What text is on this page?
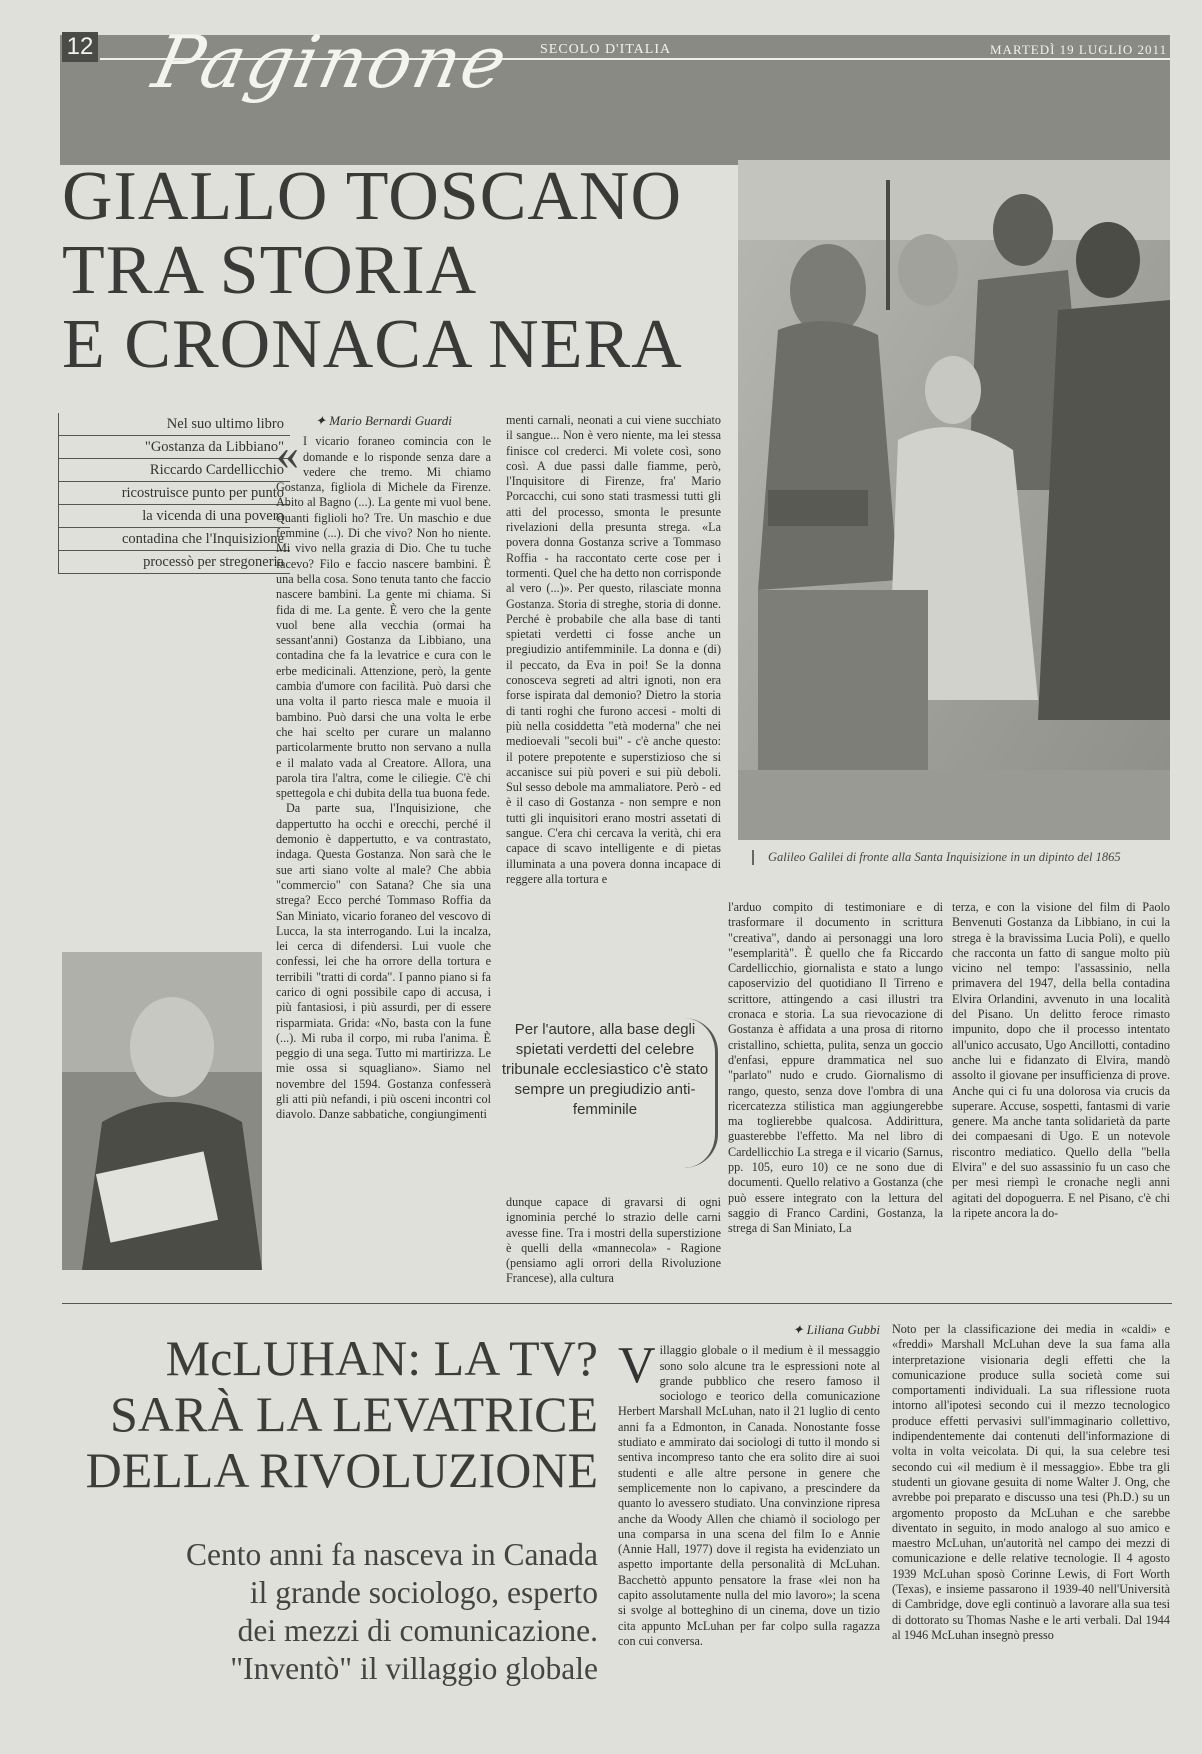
12 Paginone SECOLO D'ITALIA	MARTEDÌ 19 LUGLIO 2011
GIALLO TOSCANO
TRA STORIA
E CRONACA NERA
Nel suo ultimo libro
"Gostanza da Libbiano"
Riccardo Cardellicchio
ricostruisce punto per punto
la vicenda di una povera
contadina che l'Inquisizione
processò per stregoneria
✦ Mario Bernardi Guardi
« I vicario foraneo comincia con le domande e lo risponde senza dare a vedere che tremo. Mi chiamo Gostanza, figliola di Michele da Firenze. Abito al Bagno (...). La gente mi vuol bene. Quanti figlioli ho? Tre. Un maschio e due femmine (...). Di che vivo? Non ho niente. Mi vivo nella grazia di Dio. Che tu tuche facevo? Filo e faccio nascere bambini. È una bella cosa. Sono tenuta tanto che faccio nascere bambini. La gente mi chiama. Si fida di me. La gente. È vero che la gente vuol bene alla vecchia (ormai ha sessant'anni) Gostanza da Libbiano, una contadina che fa la levatrice e cura con le erbe medicinali. Attenzione, però, la gente cambia d'umore con facilità. Può darsi che una volta il parto riesca male e muoia il bambino. Può darsi che una volta le erbe che hai scelto per curare un malanno particolarmente brutto non servano a nulla e il malato vada al Creatore. Allora, una parola tira l'altra, come le ciliegie. C'è chi spettegola e chi dubita della tua buona fede.

Da parte sua, l'Inquisizione, che dappertutto ha occhi e orecchi, perché il demonio è dappertutto, e va contrastato, indaga. Questa Gostanza. Non sarà che le sue arti siano volte al male? Che abbia "commercio" con Satana? Che sia una strega? Ecco perché Tommaso Roffia da San Miniato, vicario foraneo del vescovo di Lucca, la sta interrogando. Lui la incalza, lei cerca di difendersi. Lui vuole che confessi, lei che ha orrore della tortura e terribili "tratti di corda". I panno piano si fa carico di ogni possibile capo di accusa, i più fantasiosi, i più assurdi, per di essere risparmiata. Grida: «No, basta con la fune (...). Mi ruba il corpo, mi ruba l'anima. È peggio di una sega. Tutto mi martirizza. Le mie ossa si squagliano». Siamo nel novembre del 1594. Gostanza confesserà gli atti più nefandi, i più osceni incontri col diavolo. Danze sabbatiche, congiungimenti

menti carnali, neonati a cui viene succhiato il sangue... Non è vero niente, ma lei stessa finisce col crederci. Mi volete così, sono così. A due passi dalle fiamme, però, l'Inquisitore di Firenze, fra' Mario Porcacchi, cui sono stati trasmessi tutti gli atti del processo, smonta le presunte rivelazioni della presunta strega. «La povera donna Gostanza scrive a Tommaso Roffia - ha raccontato certe cose per i tormenti. Quel che ha detto non corrisponde al vero (...)». Per questo, rilasciate monna Gostanza. Storia di streghe, storia di donne. Perché è probabile che alla base di tanti spietati verdetti ci fosse anche un pregiudizio antifemminile. La donna e (di) il peccato, da Eva in poi! Se la donna conosceva segreti ad altri ignoti, non era forse ispirata dal demonio? Dietro la storia di tanti roghi che furono accesi - molti di più nella cosiddetta "età moderna" che nei medioevali "secoli bui" - c'è anche questo: il potere prepotente e superstizioso che si accanisce sui più poveri e sui più deboli. Sul sesso debole ma ammaliatore. Però - ed è il caso di Gostanza - non sempre e non tutti gli inquisitori erano mostri assetati di sangue. C'era chi cercava la verità, chi era capace di scavo intelligente e di pietas illuminata a una povera donna incapace di reggere alla tortura e

Per l'autore, alla base degli spietati verdetti del celebre tribunale ecclesiastico c'è stato sempre un pregiudizio anti-femminile

dunque capace di gravarsi di ogni ignominia perché lo strazio delle carni avesse fine. Tra i mostri della superstizione è quelli della «mannecola» - Ragione (pensiamo agli orrori della Rivoluzione Francese), alla cultura

Galileo Galilei di fronte alla Santa Inquisizione in un dipinto del 1865

l'arduo compito di testimoniare e di trasformare il documento in scrittura "creativa", dando ai personaggi una loro "esemplarità". È quello che fa Riccardo Cardellicchio, giornalista e stato a lungo caposervizio del quotidiano Il Tirreno e scrittore, attingendo a casi illustri tra cronaca e storia. La sua rievocazione di Gostanza è affidata a una prosa di ritorno cristallino, schietta, pulita, senza un goccio d'enfasi, eppure drammatica nel suo "parlato" nudo e crudo. Giornalismo di rango, questo, senza dove l'ombra di una ricercatezza stilistica man aggiungerebbe ma toglierebbe qualcosa. Addirittura, guasterebbe l'effetto. Ma nel libro di Cardellicchio La strega e il vicario (Sarnus, pp. 105, euro 10) ce ne sono due di documenti. Quello relativo a Gostanza (che può essere integrato con la lettura del saggio di Franco Cardini, Gostanza, la strega di San Miniato, La

terza, e con la visione del film di Paolo Benvenuti Gostanza da Libbiano, in cui la strega è la bravissima Lucia Poli), e quello che racconta un fatto di sangue molto più vicino nel tempo: l'assassinio, nella primavera del 1947, della bella contadina Elvira Orlandini, avvenuto in una località del Pisano. Un delitto feroce rimasto impunito, dopo che il processo intentato all'unico accusato, Ugo Ancillotti, contadino anche lui e fidanzato di Elvira, mandò assolto il giovane per insufficienza di prove. Anche qui ci fu una dolorosa via crucis da superare. Accuse, sospetti, fantasmi di varie genere. Ma anche tanta solidarietà da parte dei compaesani di Ugo. E un notevole riscontro mediatico. Quello della "bella Elvira" e del suo assassinio fu un caso che per mesi riempì le cronache negli anni agitati del dopoguerra. E nel Pisano, c'è chi la ripete ancora la do-

McLUHAN: LA TV?
SARÀ LA LEVATRICE
DELLA RIVOLUZIONE
Cento anni fa nasceva in Canada
il grande sociologo, esperto
dei mezzi di comunicazione.
"Inventò" il villaggio globale
✦ Liliana Gubbi
V illaggio globale o il medium è il messaggio sono solo alcune tra le espressioni note al grande pubblico che resero famoso il sociologo e teorico della comunicazione Herbert Marshall McLuhan, nato il 21 luglio di cento anni fa a Edmonton, in Canada. Nonostante fosse studiato e ammirato dai sociologi di tutto il mondo si sentiva incompreso tanto che era solito dire ai suoi studenti e alle altre persone in genere che semplicemente non lo capivano, a prescindere da quanto lo avessero studiato. Una convinzione ripresa anche da Woody Allen che chiamò il sociologo per una comparsa in una scena del film Io e Annie (Annie Hall, 1977) dove il regista ha evidenziato un aspetto importante della personalità di McLuhan. Bacchettò appunto pensatore la frase «lei non ha capito assolutamente nulla del mio lavoro»; la scena si svolge al botteghino di un cinema, dove un tizio cita appunto McLuhan per far colpo sulla ragazza con cui conversa.

Noto per la classificazione dei media in «caldi» e «freddi» Marshall McLuhan deve la sua fama alla interpretazione visionaria degli effetti che la comunicazione produce sulla società come sui comportamenti individuali. La sua riflessione ruota intorno all'ipotesi secondo cui il mezzo tecnologico produce effetti pervasivi sull'immaginario collettivo, indipendentemente dai contenuti dell'informazione di volta in volta veicolata. Di qui, la sua celebre tesi secondo cui «il medium è il messaggio». Ebbe tra gli studenti un giovane gesuita di nome Walter J. Ong, che avrebbe poi preparato e discusso una tesi (Ph.D.) su un argomento proposto da McLuhan e che sarebbe diventato in seguito, in modo analogo al suo amico e maestro McLuhan, un'autorità nel campo dei mezzi di comunicazione e delle relative tecnologie. Il 4 agosto 1939 McLuhan sposò Corinne Lewis, di Fort Worth (Texas), e insieme passarono il 1939-40 nell'Università di Cambridge, dove egli continuò a lavorare alla sua tesi di dottorato su Thomas Nashe e le arti verbali. Dal 1944 al 1946 McLuhan insegnò presso
